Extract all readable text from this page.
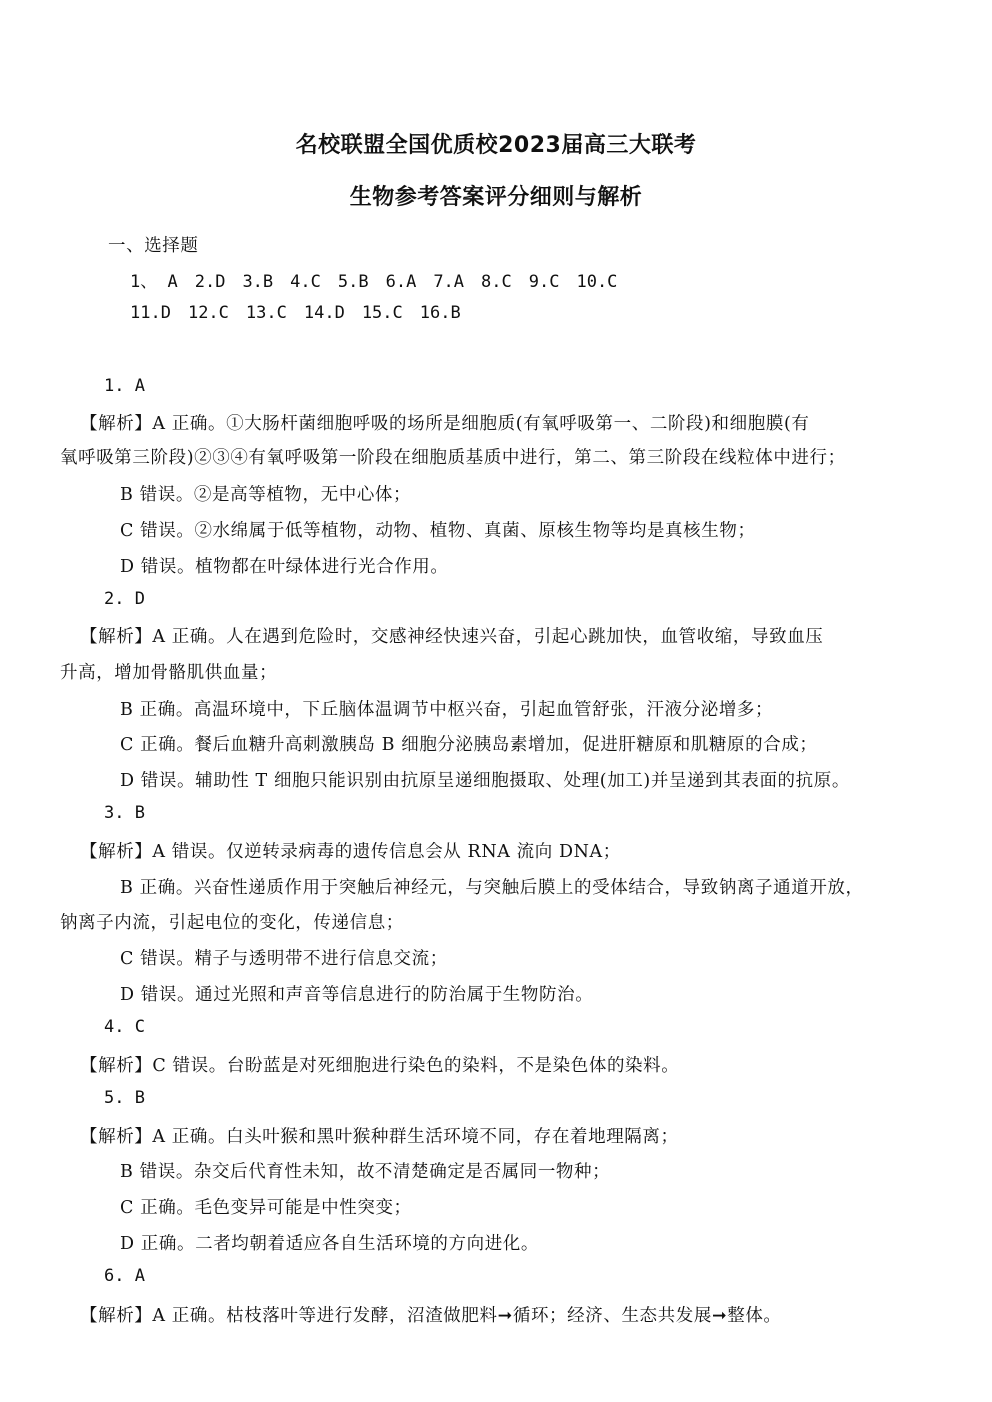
名校联盟全国优质校2023届高三大联考
生物参考答案评分细则与解析
一、选择题
1、 A 2.D 3.B 4.C 5.B 6.A 7.A 8.C 9.C 10.C
11.D 12.C 13.C 14.D 15.C 16.B
1. A
【解析】A 正确。①大肠杆菌细胞呼吸的场所是细胞质(有氧呼吸第一、二阶段)和细胞膜(有
氧呼吸第三阶段)②③④有氧呼吸第一阶段在细胞质基质中进行，第二、第三阶段在线粒体中进行；
B 错误。②是高等植物，无中心体；
C 错误。②水绵属于低等植物，动物、植物、真菌、原核生物等均是真核生物；
D 错误。植物都在叶绿体进行光合作用。
2. D
【解析】A 正确。人在遇到危险时，交感神经快速兴奋，引起心跳加快，血管收缩，导致血压
升高，增加骨骼肌供血量；
B 正确。高温环境中，下丘脑体温调节中枢兴奋，引起血管舒张，汗液分泌增多；
C 正确。餐后血糖升高刺激胰岛 B 细胞分泌胰岛素增加，促进肝糖原和肌糖原的合成；
D 错误。辅助性 T 细胞只能识别由抗原呈递细胞摄取、处理(加工)并呈递到其表面的抗原。
3. B
【解析】A 错误。仅逆转录病毒的遗传信息会从 RNA 流向 DNA；
B 正确。兴奋性递质作用于突触后神经元，与突触后膜上的受体结合，导致钠离子通道开放，
钠离子内流，引起电位的变化，传递信息；
C 错误。精子与透明带不进行信息交流；
D 错误。通过光照和声音等信息进行的防治属于生物防治。
4. C
【解析】C 错误。台盼蓝是对死细胞进行染色的染料，不是染色体的染料。
5. B
【解析】A 正确。白头叶猴和黑叶猴种群生活环境不同，存在着地理隔离；
B 错误。杂交后代育性未知，故不清楚确定是否属同一物种；
C 正确。毛色变异可能是中性突变；
D 正确。二者均朝着适应各自生活环境的方向进化。
6. A
【解析】A 正确。枯枝落叶等进行发酵，沼渣做肥料➞循环；经济、生态共发展➞整体。
